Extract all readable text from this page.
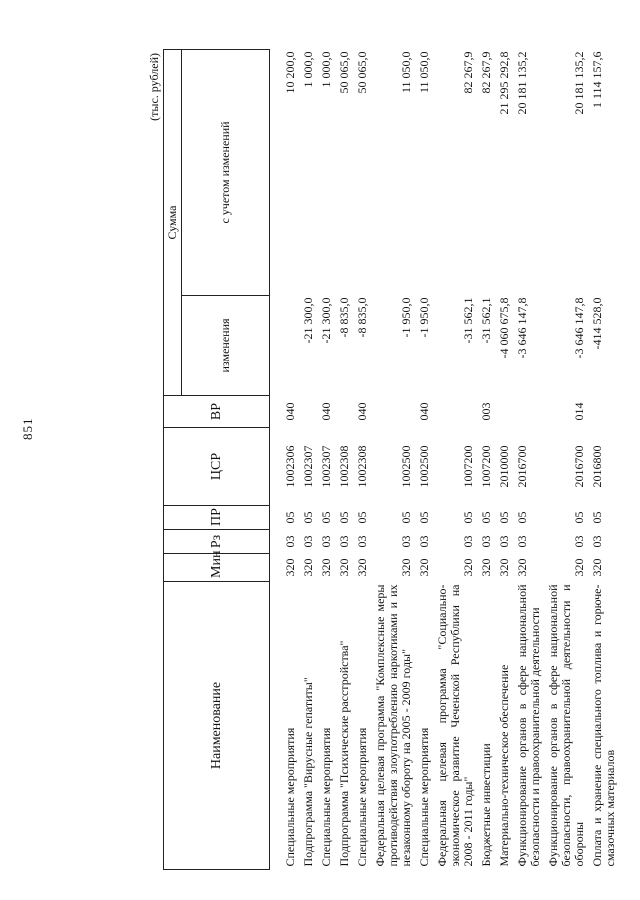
851
(тыс. рублей)
Наименование	Мин	Рз	ПР	ЦСР	ВР	Сумма	
						изменения	с учетом изменений
Специальные мероприятия	320	03	05	1002306	040		10 200,0
Подпрограмма "Вирусные гепатиты"	320	03	05	1002307		-21 300,0	1 000,0
Специальные мероприятия	320	03	05	1002307	040	-21 300,0	1 000,0
Подпрограмма "Психические расстройства"	320	03	05	1002308		-8 835,0	50 065,0
Специальные мероприятия	320	03	05	1002308	040	-8 835,0	50 065,0
Федеральная целевая программа "Комплексные меры противодействия злоупотреблению наркотиками и их незаконному обороту на 2005 - 2009 годы"	320	03	05	1002500		-1 950,0	11 050,0
Специальные мероприятия	320	03	05	1002500	040	-1 950,0	11 050,0
Федеральная целевая программа "Социально-экономическое развитие Чеченской Республики на 2008 - 2011 годы"	320	03	05	1007200		-31 562,1	82 267,9
Бюджетные инвестиции	320	03	05	1007200	003	-31 562,1	82 267,9
Материально-техническое обеспечение	320	03	05	2010000		-4 060 675,8	21 295 292,8
Функционирование органов в сфере национальной безопасности и правоохранительной деятельности	320	03	05	2016700		-3 646 147,8	20 181 135,2
Функционирование органов в сфере национальной безопасности, правоохранительной деятельности и обороны	320	03	05	2016700	014	-3 646 147,8	20 181 135,2
Оплата и хранение специального топлива и горюче-смазочных материалов	320	03	05	2016800		-414 528,0	1 114 157,6
